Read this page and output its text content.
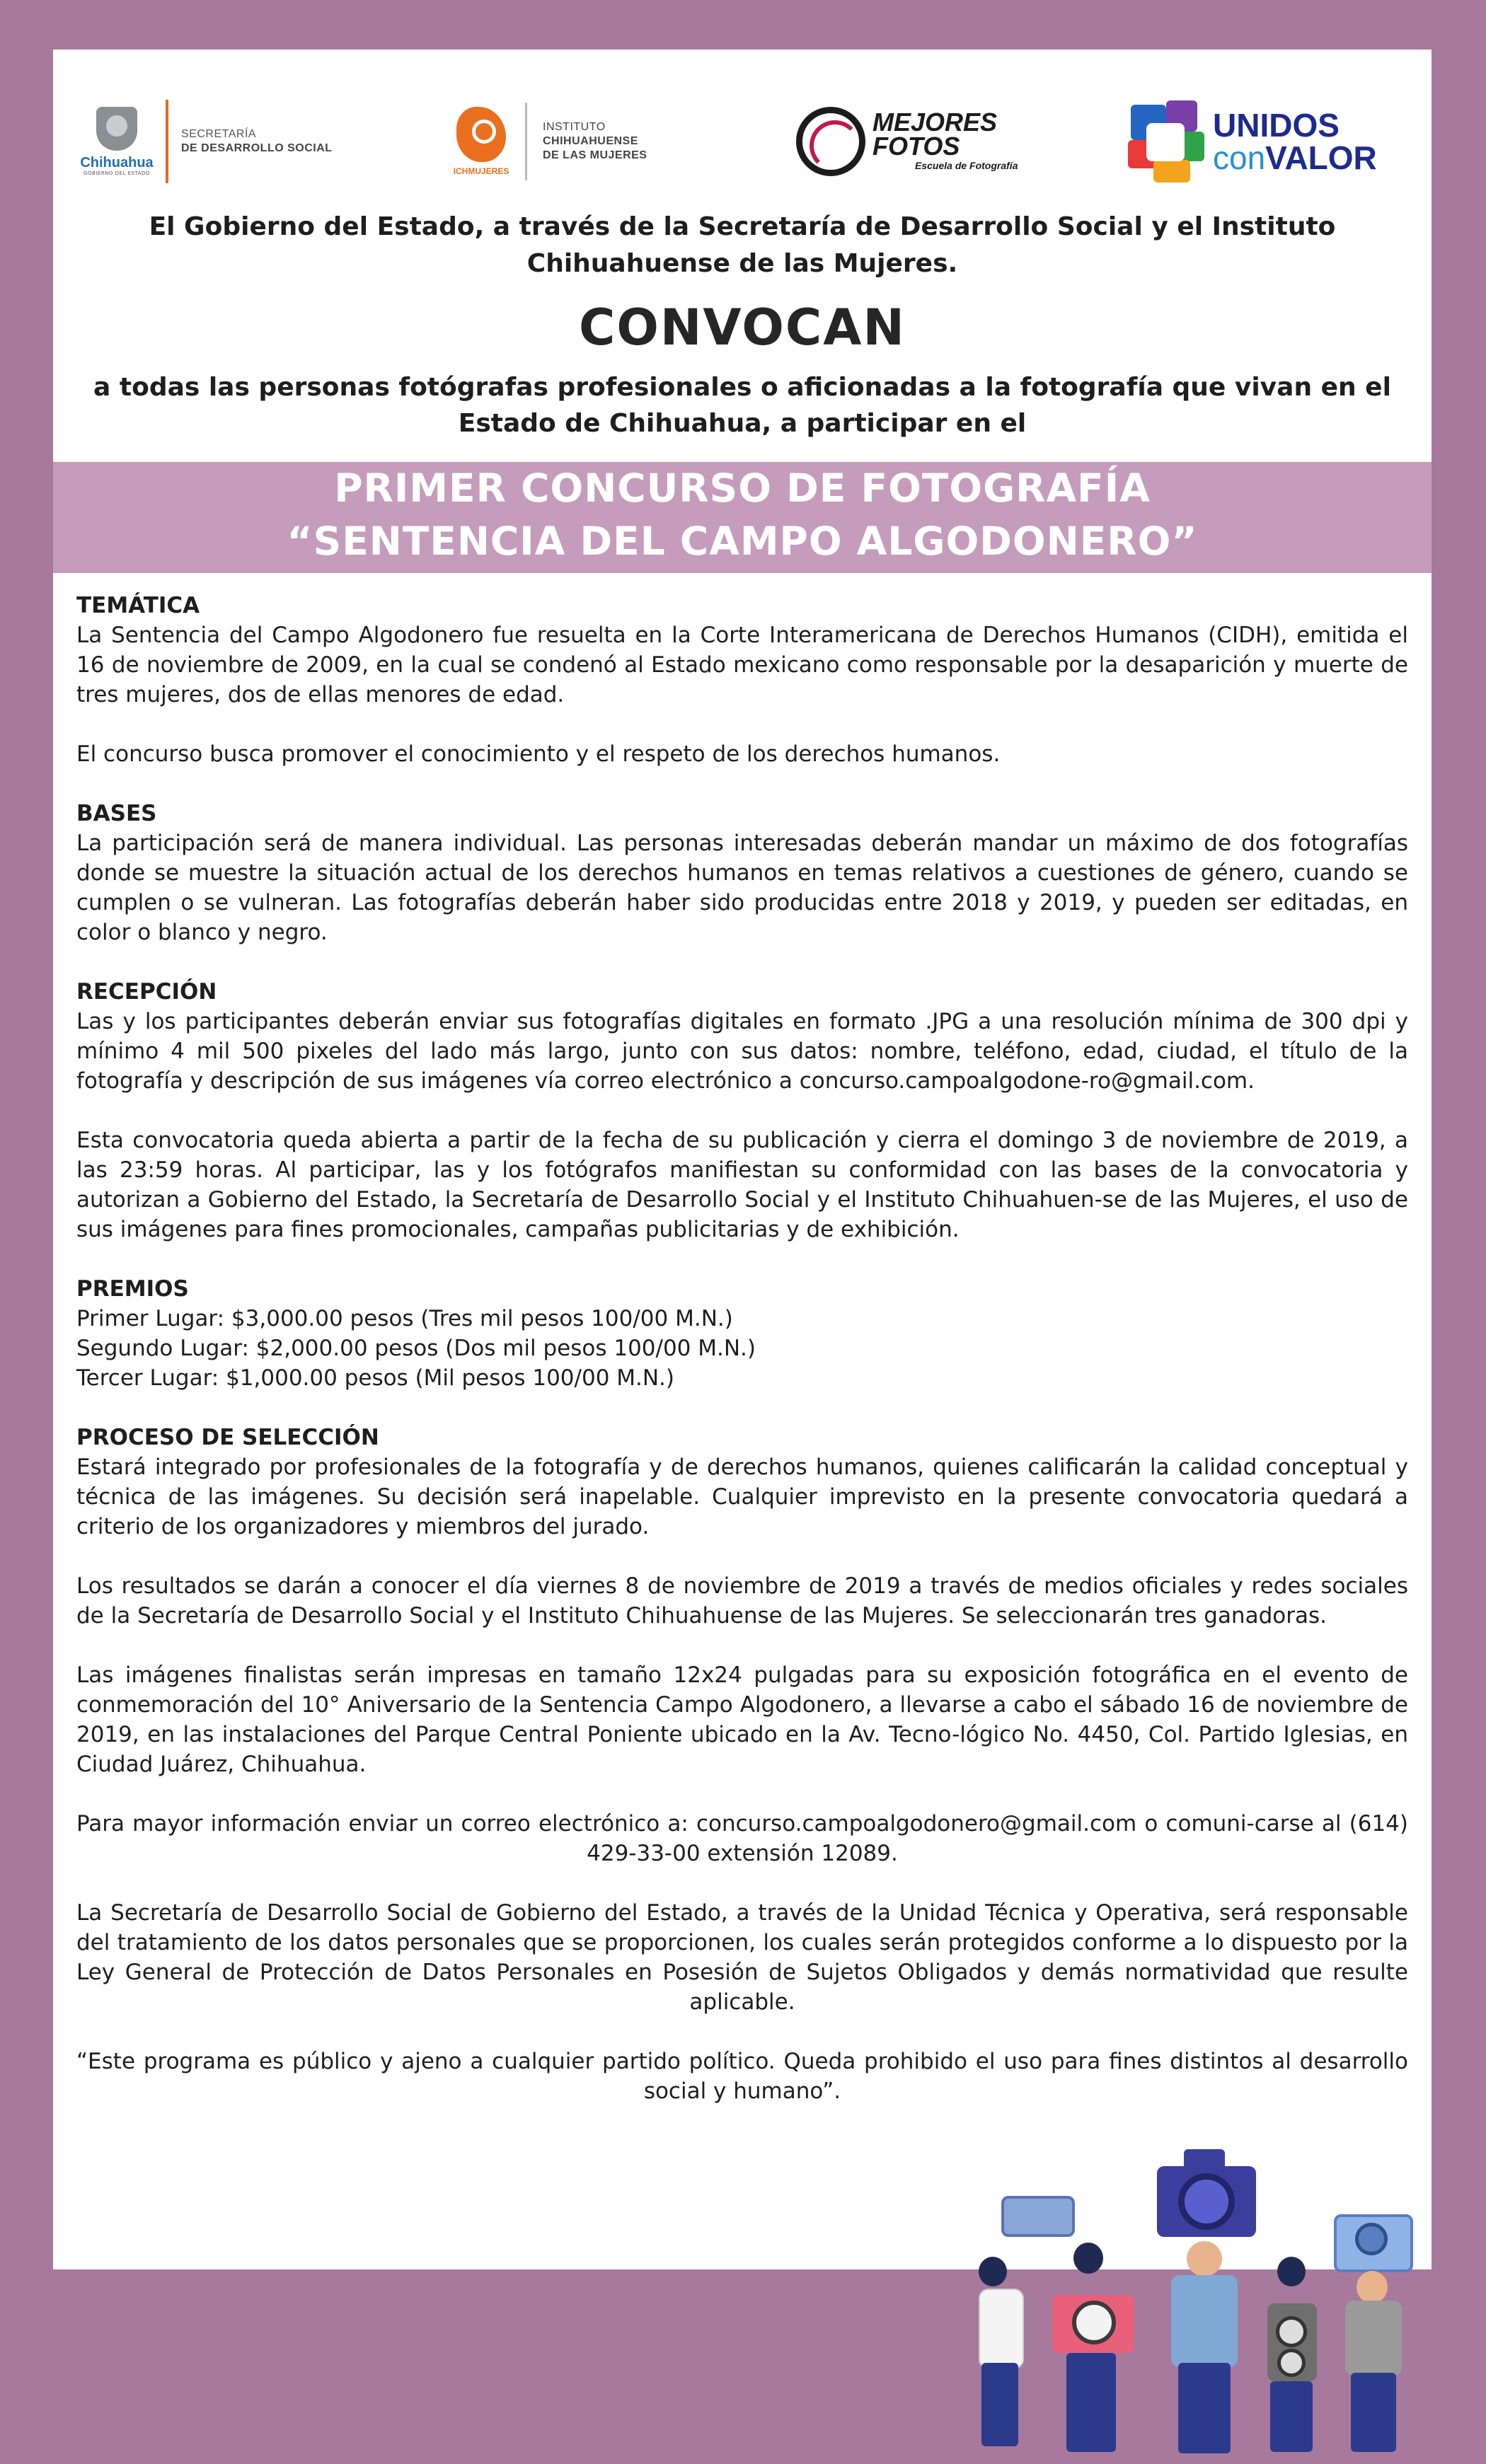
Chihuahua
GOBIERNO DEL ESTADO
SECRETARÍA
DE DESARROLLO SOCIAL
ICHMUJERES
INSTITUTO
CHIHUAHUENSE
DE LAS MUJERES
MEJORES
FOTOS
Escuela de Fotografía
UNIDOS
conVALOR
El Gobierno del Estado, a través de la Secretaría de Desarrollo Social y el Instituto Chihuahuense de las Mujeres.
CONVOCAN
a todas las personas fotógrafas profesionales o aficionadas a la fotografía que vivan en el Estado de Chihuahua, a participar en el
PRIMER CONCURSO DE FOTOGRAFÍA
“SENTENCIA DEL CAMPO ALGODONERO”
TEMÁTICA

La Sentencia del Campo Algodonero fue resuelta en la Corte Interamericana de Derechos Humanos (CIDH), emitida el 16 de noviembre de 2009, en la cual se condenó al Estado mexicano como responsable por la desaparición y muerte de tres mujeres, dos de ellas menores de edad.

El concurso busca promover el conocimiento y el respeto de los derechos humanos.

BASES

La participación será de manera individual. Las personas interesadas deberán mandar un máximo de dos fotografías donde se muestre la situación actual de los derechos humanos en temas relativos a cuestiones de género, cuando se cumplen o se vulneran. Las fotografías deberán haber sido producidas entre 2018 y 2019, y pueden ser editadas, en color o blanco y negro.

RECEPCIÓN

Las y los participantes deberán enviar sus fotografías digitales en formato .JPG a una resolución mínima de 300 dpi y mínimo 4 mil 500 pixeles del lado más largo, junto con sus datos: nombre, teléfono, edad, ciudad, el título de la fotografía y descripción de sus imágenes vía correo electrónico a concurso.campoalgodone-ro@gmail.com.

Esta convocatoria queda abierta a partir de la fecha de su publicación y cierra el domingo 3 de noviembre de 2019, a las 23:59 horas. Al participar, las y los fotógrafos manifiestan su conformidad con las bases de la convocatoria y autorizan a Gobierno del Estado, la Secretaría de Desarrollo Social y el Instituto Chihuahuen-se de las Mujeres, el uso de sus imágenes para fines promocionales, campañas publicitarias y de exhibición.

PREMIOS
Primer Lugar: $3,000.00 pesos (Tres mil pesos 100/00 M.N.)
Segundo Lugar: $2,000.00 pesos (Dos mil pesos 100/00 M.N.)
Tercer Lugar: $1,000.00 pesos (Mil pesos 100/00 M.N.)
PROCESO DE SELECCIÓN

Estará integrado por profesionales de la fotografía y de derechos humanos, quienes calificarán la calidad conceptual y técnica de las imágenes. Su decisión será inapelable. Cualquier imprevisto en la presente convocatoria quedará a criterio de los organizadores y miembros del jurado.

Los resultados se darán a conocer el día viernes 8 de noviembre de 2019 a través de medios oficiales y redes sociales de la Secretaría de Desarrollo Social y el Instituto Chihuahuense de las Mujeres. Se seleccionarán tres ganadoras.

Las imágenes finalistas serán impresas en tamaño 12x24 pulgadas para su exposición fotográfica en el evento de conmemoración del 10° Aniversario de la Sentencia Campo Algodonero, a llevarse a cabo el sábado 16 de noviembre de 2019, en las instalaciones del Parque Central Poniente ubicado en la Av. Tecno-lógico No. 4450, Col. Partido Iglesias, en Ciudad Juárez, Chihuahua.

Para mayor información enviar un correo electrónico a: concurso.campoalgodonero@gmail.com o comuni-carse al (614) 429-33-00 extensión 12089.

La Secretaría de Desarrollo Social de Gobierno del Estado, a través de la Unidad Técnica y Operativa, será responsable del tratamiento de los datos personales que se proporcionen, los cuales serán protegidos conforme a lo dispuesto por la Ley General de Protección de Datos Personales en Posesión de Sujetos Obligados y demás normatividad que resulte aplicable.

“Este programa es público y ajeno a cualquier partido político. Queda prohibido el uso para fines distintos al desarrollo social y humano”.
